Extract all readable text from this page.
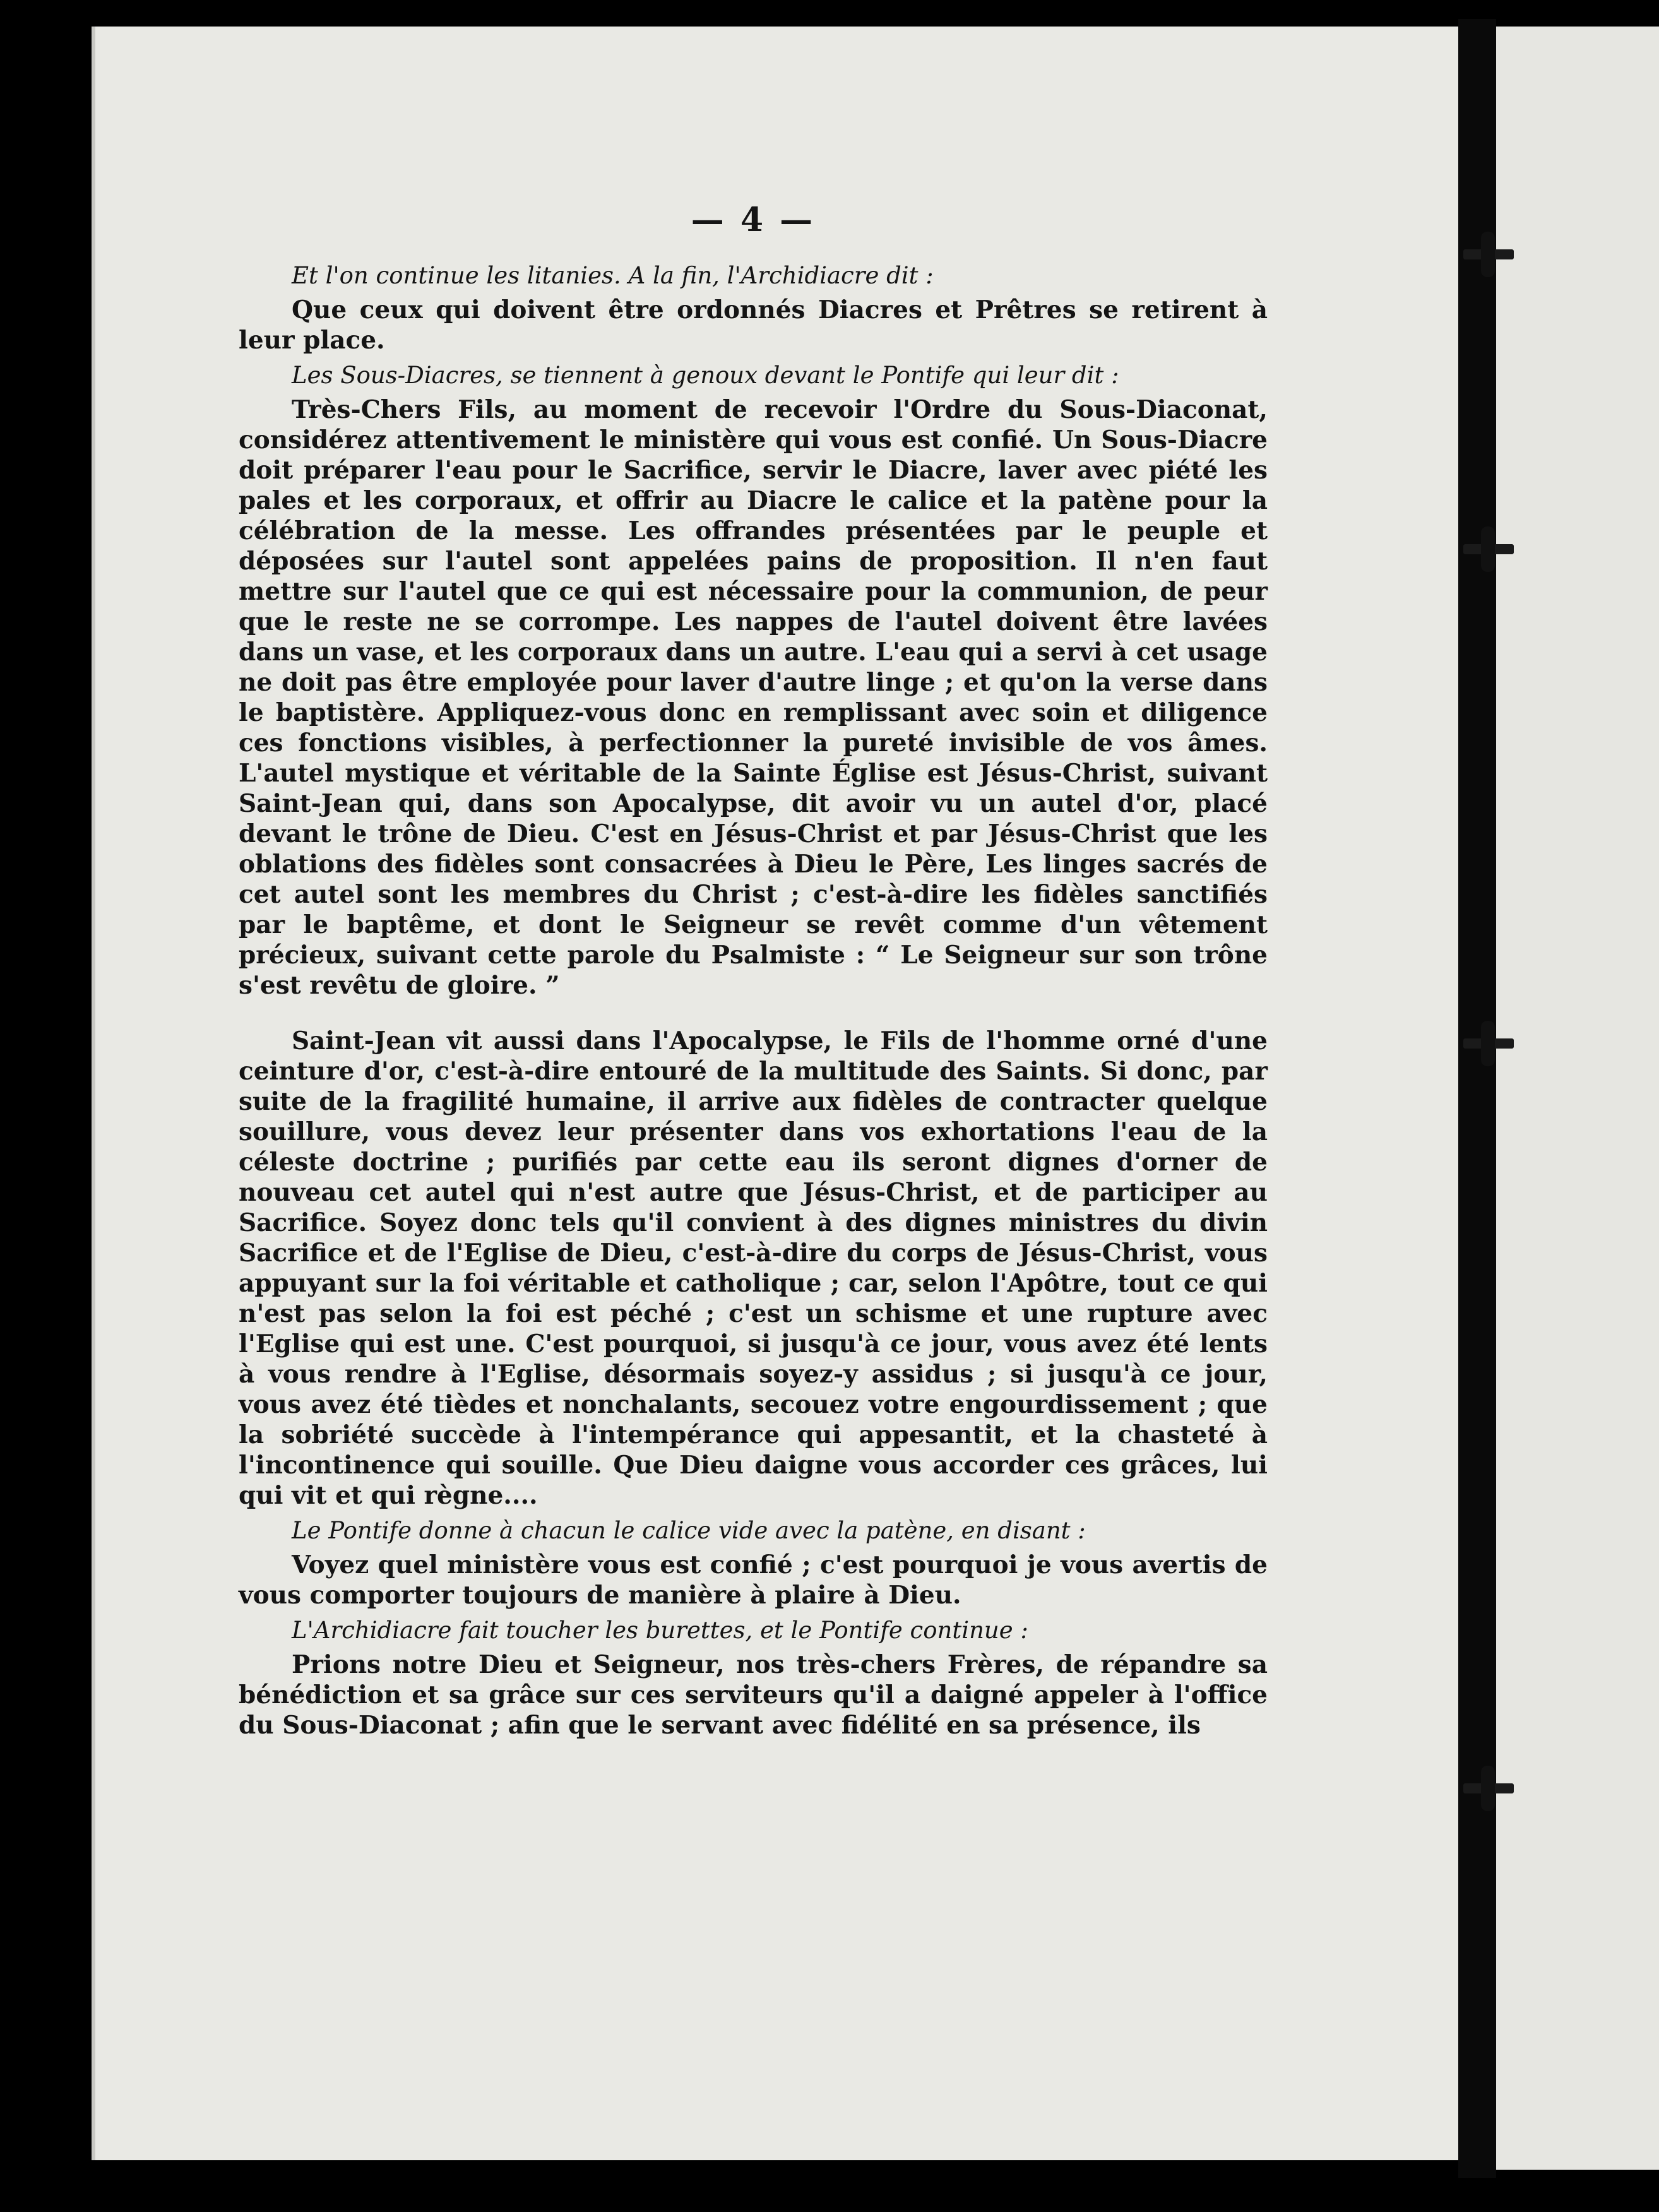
— 4 —

Et l'on continue les litanies. A la fin, l'Archidiacre dit :

Que ceux qui doivent être ordonnés Diacres et Prêtres se retirent à leur place.

Les Sous-Diacres, se tiennent à genoux devant le Pontife qui leur dit :

Très-Chers Fils, au moment de recevoir l'Ordre du Sous-Diaconat, considérez attentivement le ministère qui vous est confié. Un Sous-Diacre doit préparer l'eau pour le Sacrifice, servir le Diacre, laver avec piété les pales et les corporaux, et offrir au Diacre le calice et la patène pour la célébration de la messe. Les offrandes présentées par le peuple et déposées sur l'autel sont appelées pains de proposition. Il n'en faut mettre sur l'autel que ce qui est nécessaire pour la communion, de peur que le reste ne se corrompe. Les nappes de l'autel doivent être lavées dans un vase, et les corporaux dans un autre. L'eau qui a servi à cet usage ne doit pas être employée pour laver d'autre linge ; et qu'on la verse dans le baptistère. Appliquez-vous donc en remplissant avec soin et diligence ces fonctions visibles, à perfectionner la pureté invisible de vos âmes. L'autel mystique et véritable de la Sainte Église est Jésus-Christ, suivant Saint-Jean qui, dans son Apocalypse, dit avoir vu un autel d'or, placé devant le trône de Dieu. C'est en Jésus-Christ et par Jésus-Christ que les oblations des fidèles sont consacrées à Dieu le Père, Les linges sacrés de cet autel sont les membres du Christ ; c'est-à-dire les fidèles sanctifiés par le baptême, et dont le Seigneur se revêt comme d'un vêtement précieux, suivant cette parole du Psalmiste : “ Le Seigneur sur son trône s'est revêtu de gloire. ”

Saint-Jean vit aussi dans l'Apocalypse, le Fils de l'homme orné d'une ceinture d'or, c'est-à-dire entouré de la multitude des Saints. Si donc, par suite de la fragilité humaine, il arrive aux fidèles de contracter quelque souillure, vous devez leur présenter dans vos exhortations l'eau de la céleste doctrine ; purifiés par cette eau ils seront dignes d'orner de nouveau cet autel qui n'est autre que Jésus-Christ, et de participer au Sacrifice. Soyez donc tels qu'il convient à des dignes ministres du divin Sacrifice et de l'Eglise de Dieu, c'est-à-dire du corps de Jésus-Christ, vous appuyant sur la foi véritable et catholique ; car, selon l'Apôtre, tout ce qui n'est pas selon la foi est péché ; c'est un schisme et une rupture avec l'Eglise qui est une. C'est pourquoi, si jusqu'à ce jour, vous avez été lents à vous rendre à l'Eglise, désormais soyez-y assidus ; si jusqu'à ce jour, vous avez été tièdes et nonchalants, secouez votre engourdissement ; que la sobriété succède à l'intempérance qui appesantit, et la chasteté à l'incontinence qui souille. Que Dieu daigne vous accorder ces grâces, lui qui vit et qui règne....

Le Pontife donne à chacun le calice vide avec la patène, en disant :

Voyez quel ministère vous est confié ; c'est pourquoi je vous avertis de vous comporter toujours de manière à plaire à Dieu.

L'Archidiacre fait toucher les burettes, et le Pontife continue :

Prions notre Dieu et Seigneur, nos très-chers Frères, de répandre sa bénédiction et sa grâce sur ces serviteurs qu'il a daigné appeler à l'office du Sous-Diaconat ; afin que le servant avec fidélité en sa présence, ils
